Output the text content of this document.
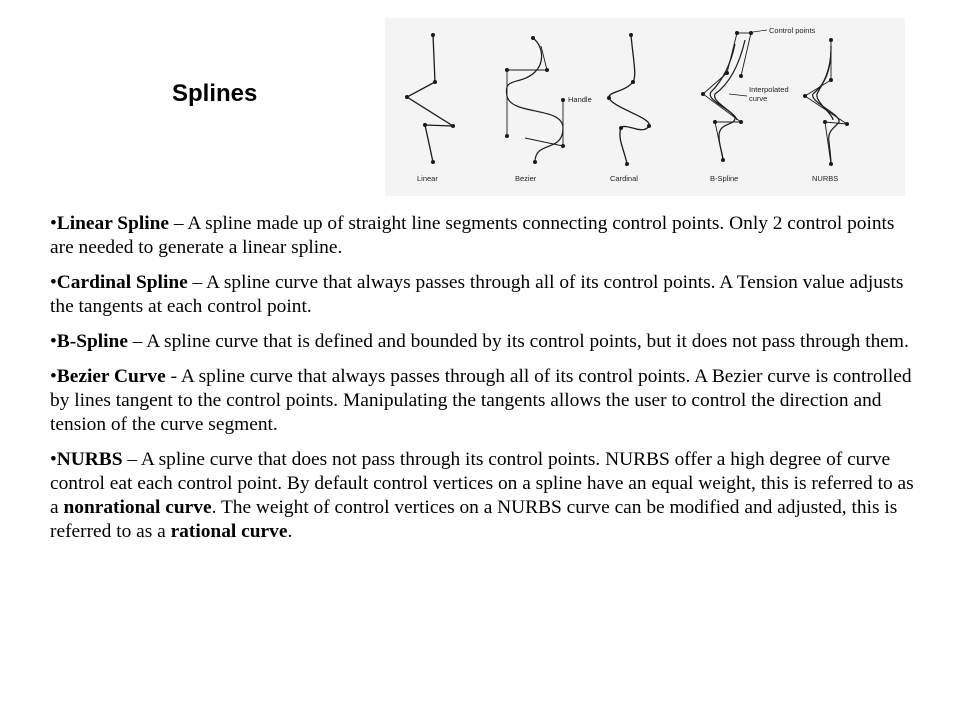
Splines
Linear
Handle
Bezier	Cardinal
Control points
Interpolated
curve
B-Spline	NURBS

•Linear Spline – A spline made up of straight line segments connecting control points. Only 2 control points are needed to generate a linear spline.

•Cardinal Spline – A spline curve that always passes through all of its control points. A Tension value adjusts the tangents at each control point.

•B-Spline – A spline curve that is defined and bounded by its control points, but it does not pass through them.

•Bezier Curve - A spline curve that always passes through all of its control points. A Bezier curve is controlled by lines tangent to the control points. Manipulating the tangents allows the user to control the direction and tension of the curve segment.

•NURBS – A spline curve that does not pass through its control points. NURBS offer a high degree of curve control eat each control point. By default control vertices on a spline have an equal weight, this is referred to as a nonrational curve. The weight of control vertices on a NURBS curve can be modified and adjusted, this is referred to as a rational curve.
